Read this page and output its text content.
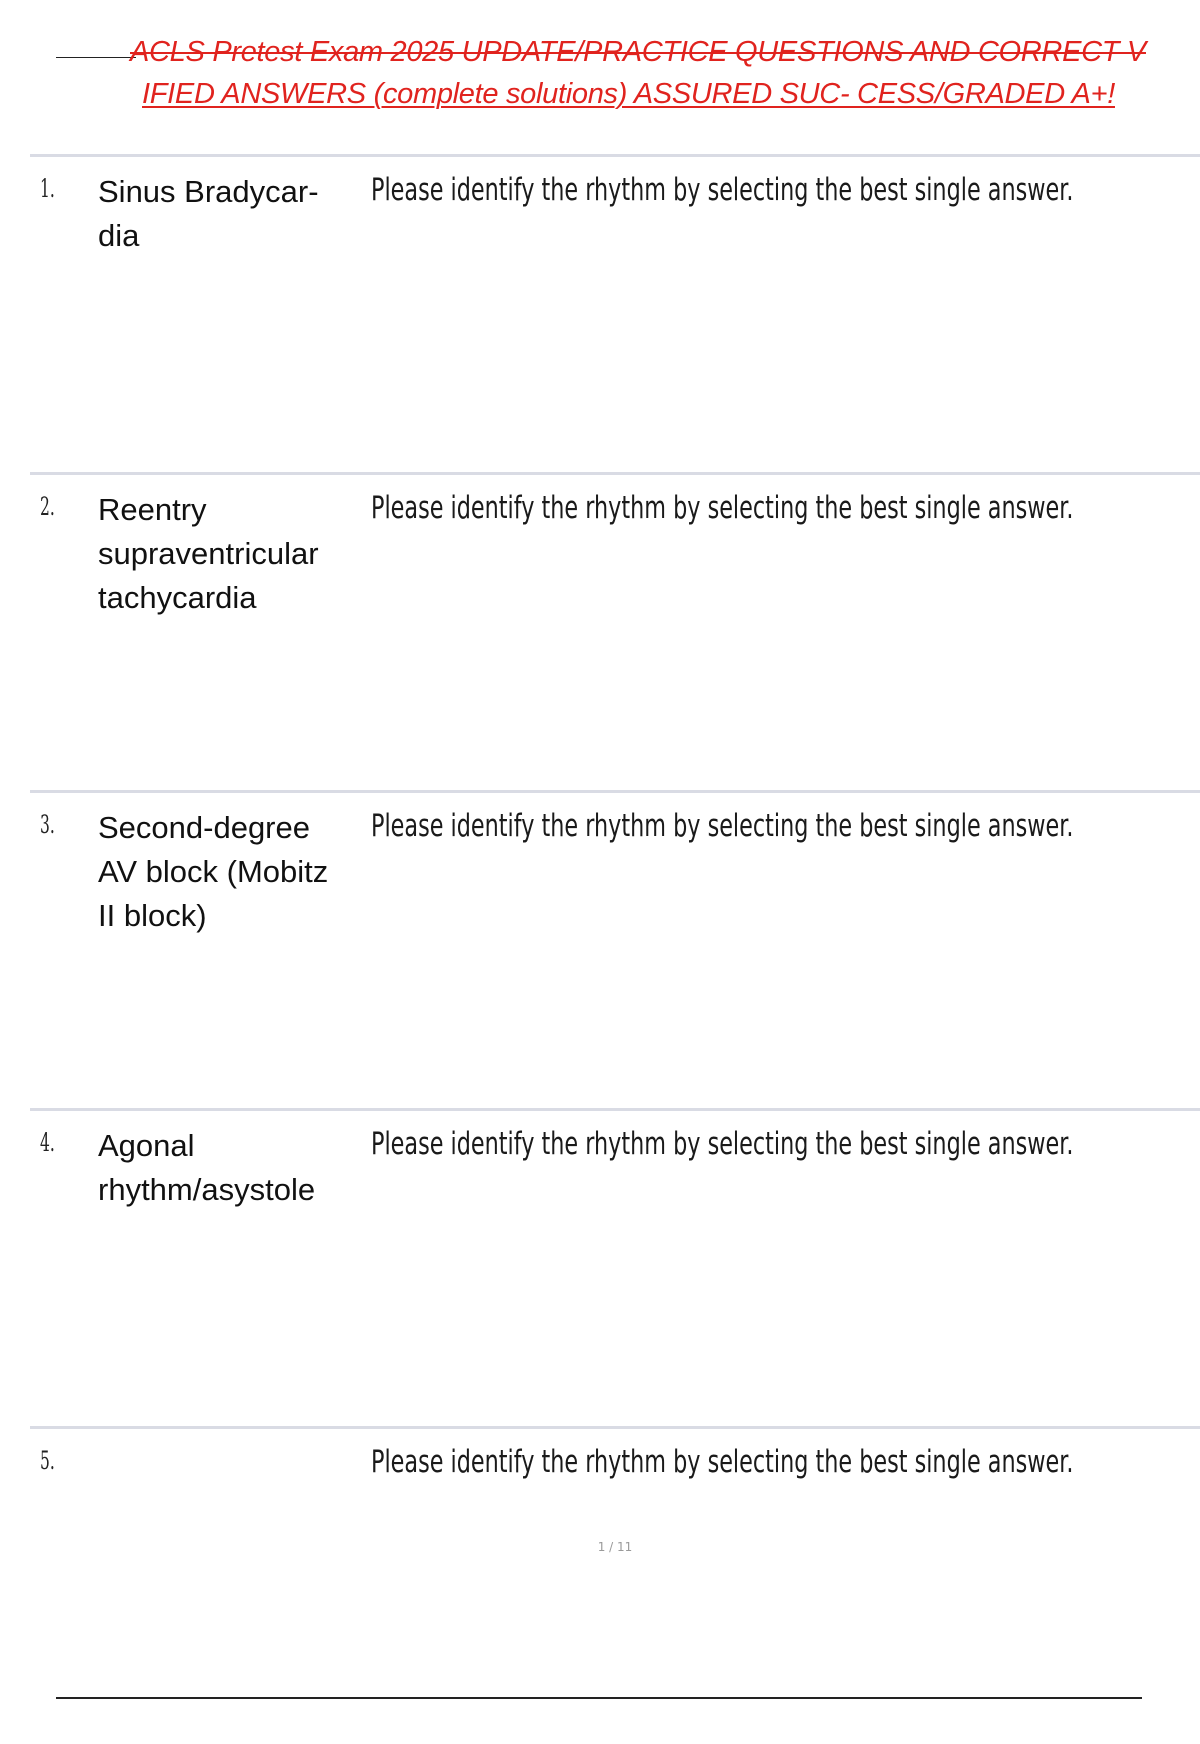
ACLS Pretest Exam 2025 UPDATE/PRACTICE QUESTIONS AND CORRECT V
IFIED ANSWERS (complete solutions) ASSURED SUC- CESS/GRADED A+!
1. Sinus Bradycar- dia
Please identify the rhythm by selecting the best single answer.
2. Reentry supraventricular tachycardia
Please identify the rhythm by selecting the best single answer.
3. Second-degree AV block (Mobitz II block)
Please identify the rhythm by selecting the best single answer.
4. Agonal rhythm/asystole
Please identify the rhythm by selecting the best single answer.
5.	Please identify the rhythm by selecting the best single answer.
1 / 11
